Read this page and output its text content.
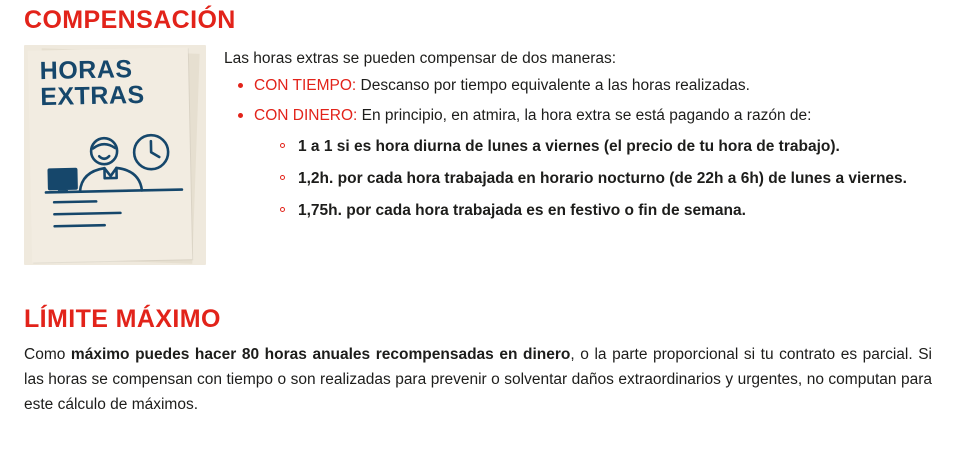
COMPENSACIÓN
HORAS
EXTRAS

Las horas extras se pueden compensar de dos maneras:

CON TIEMPO: Descanso por tiempo equivalente a las horas realizadas.
CON DINERO: En principio, en atmira, la hora extra se está pagando a razón de:
1 a 1 si es hora diurna de lunes a viernes (el precio de tu hora de trabajo).
1,2h. por cada hora trabajada en horario nocturno (de 22h a 6h) de lunes a viernes.
1,75h. por cada hora trabajada es en festivo o fin de semana.
LÍMITE MÁXIMO

Como máximo puedes hacer 80 horas anuales recompensadas en dinero, o la parte proporcional si tu contrato es parcial. Si las horas se compensan con tiempo o son realizadas para prevenir o solventar daños extraordinarios y urgentes, no computan para este cálculo de máximos.
